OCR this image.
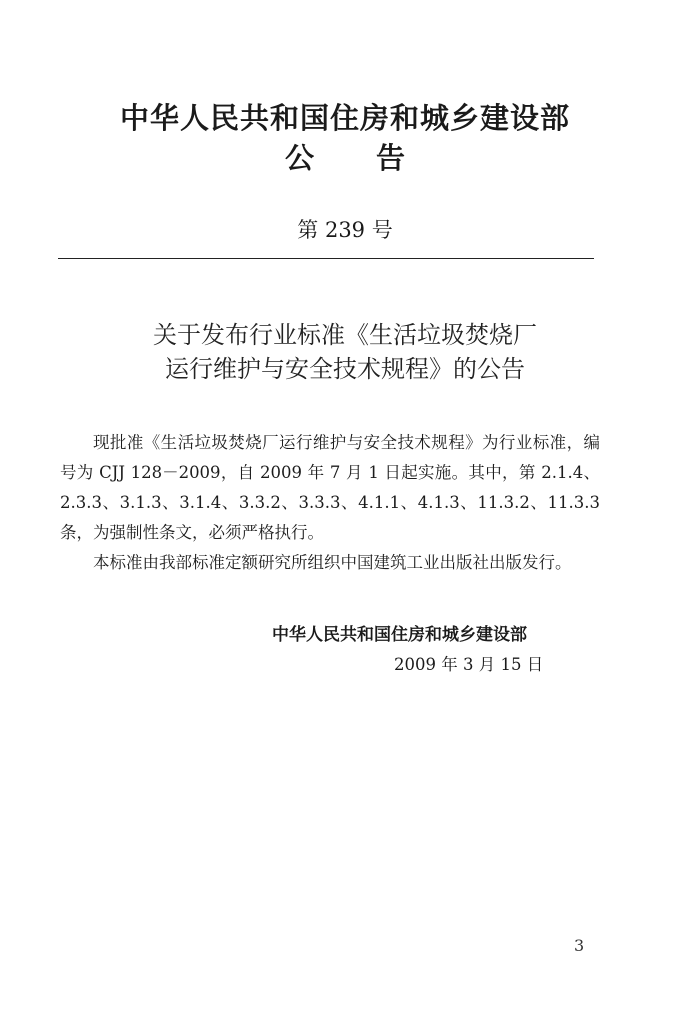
中华人民共和国住房和城乡建设部
公告
第 239 号
关于发布行业标准《生活垃圾焚烧厂
运行维护与安全技术规程》的公告

现批准《生活垃圾焚烧厂运行维护与安全技术规程》为行业标准，编号为 CJJ 128－2009，自 2009 年 7 月 1 日起实施。其中，第 2.1.4、2.3.3、3.1.3、3.1.4、3.3.2、3.3.3、4.1.1、4.1.3、11.3.2、11.3.3 条，为强制性条文，必须严格执行。

本标准由我部标准定额研究所组织中国建筑工业出版社出版发行。

中华人民共和国住房和城乡建设部
2009 年 3 月 15 日
3
